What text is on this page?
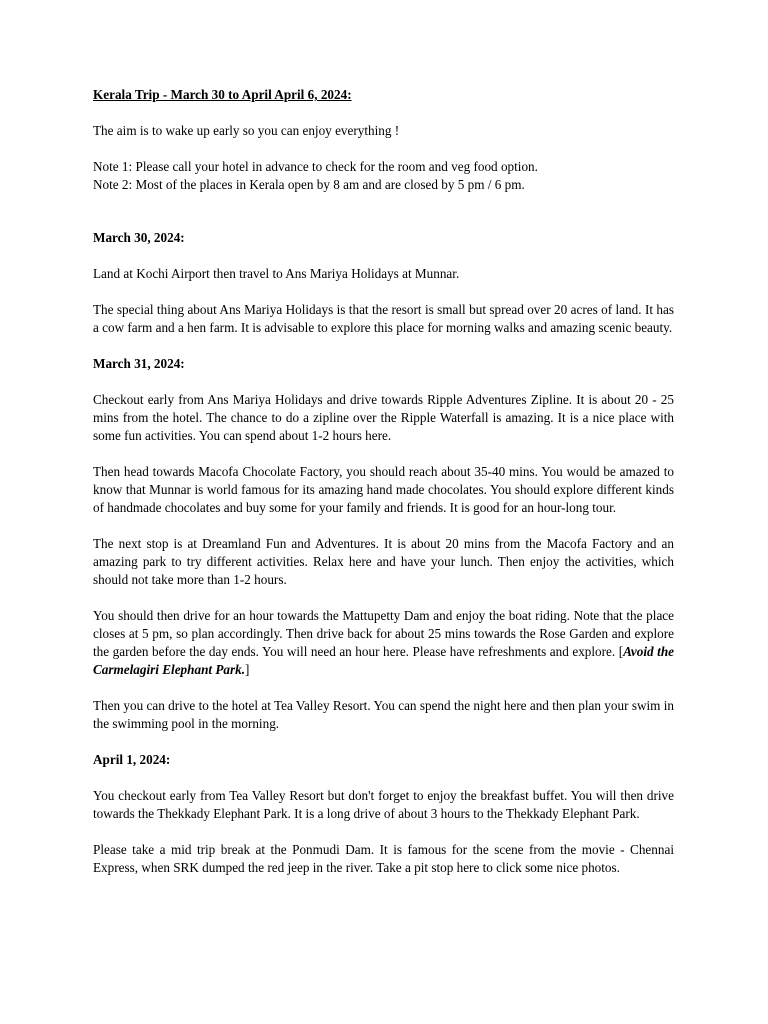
Kerala Trip - March 30 to April April 6, 2024:

The aim is to wake up early so you can enjoy everything !

Note 1: Please call your hotel in advance to check for the room and veg food option.

Note 2: Most of the places in Kerala open by 8 am and are closed by 5 pm / 6 pm.

March 30, 2024:

Land at Kochi Airport then travel to Ans Mariya Holidays at Munnar.

The special thing about Ans Mariya Holidays is that the resort is small but spread over 20 acres of land. It has a cow farm and a hen farm. It is advisable to explore this place for morning walks and amazing scenic beauty.

March 31, 2024:

Checkout early from Ans Mariya Holidays and drive towards Ripple Adventures Zipline. It is about 20 - 25 mins from the hotel. The chance to do a zipline over the Ripple Waterfall is amazing. It is a nice place with some fun activities. You can spend about 1-2 hours here.

Then head towards Macofa Chocolate Factory, you should reach about 35-40 mins. You would be amazed to know that Munnar is world famous for its amazing hand made chocolates. You should explore different kinds of handmade chocolates and buy some for your family and friends. It is good for an hour-long tour.

The next stop is at Dreamland Fun and Adventures. It is about 20 mins from the Macofa Factory and an amazing park to try different activities. Relax here and have your lunch. Then enjoy the activities, which should not take more than 1-2 hours.

You should then drive for an hour towards the Mattupetty Dam and enjoy the boat riding. Note that the place closes at 5 pm, so plan accordingly. Then drive back for about 25 mins towards the Rose Garden and explore the garden before the day ends. You will need an hour here. Please have refreshments and explore. [Avoid the Carmelagiri Elephant Park.]

Then you can drive to the hotel at Tea Valley Resort. You can spend the night here and then plan your swim in the swimming pool in the morning.

April 1, 2024:

You checkout early from Tea Valley Resort but don't forget to enjoy the breakfast buffet. You will then drive towards the Thekkady Elephant Park. It is a long drive of about 3 hours to the Thekkady Elephant Park.

Please take a mid trip break at the Ponmudi Dam. It is famous for the scene from the movie - Chennai Express, when SRK dumped the red jeep in the river. Take a pit stop here to click some nice photos.
